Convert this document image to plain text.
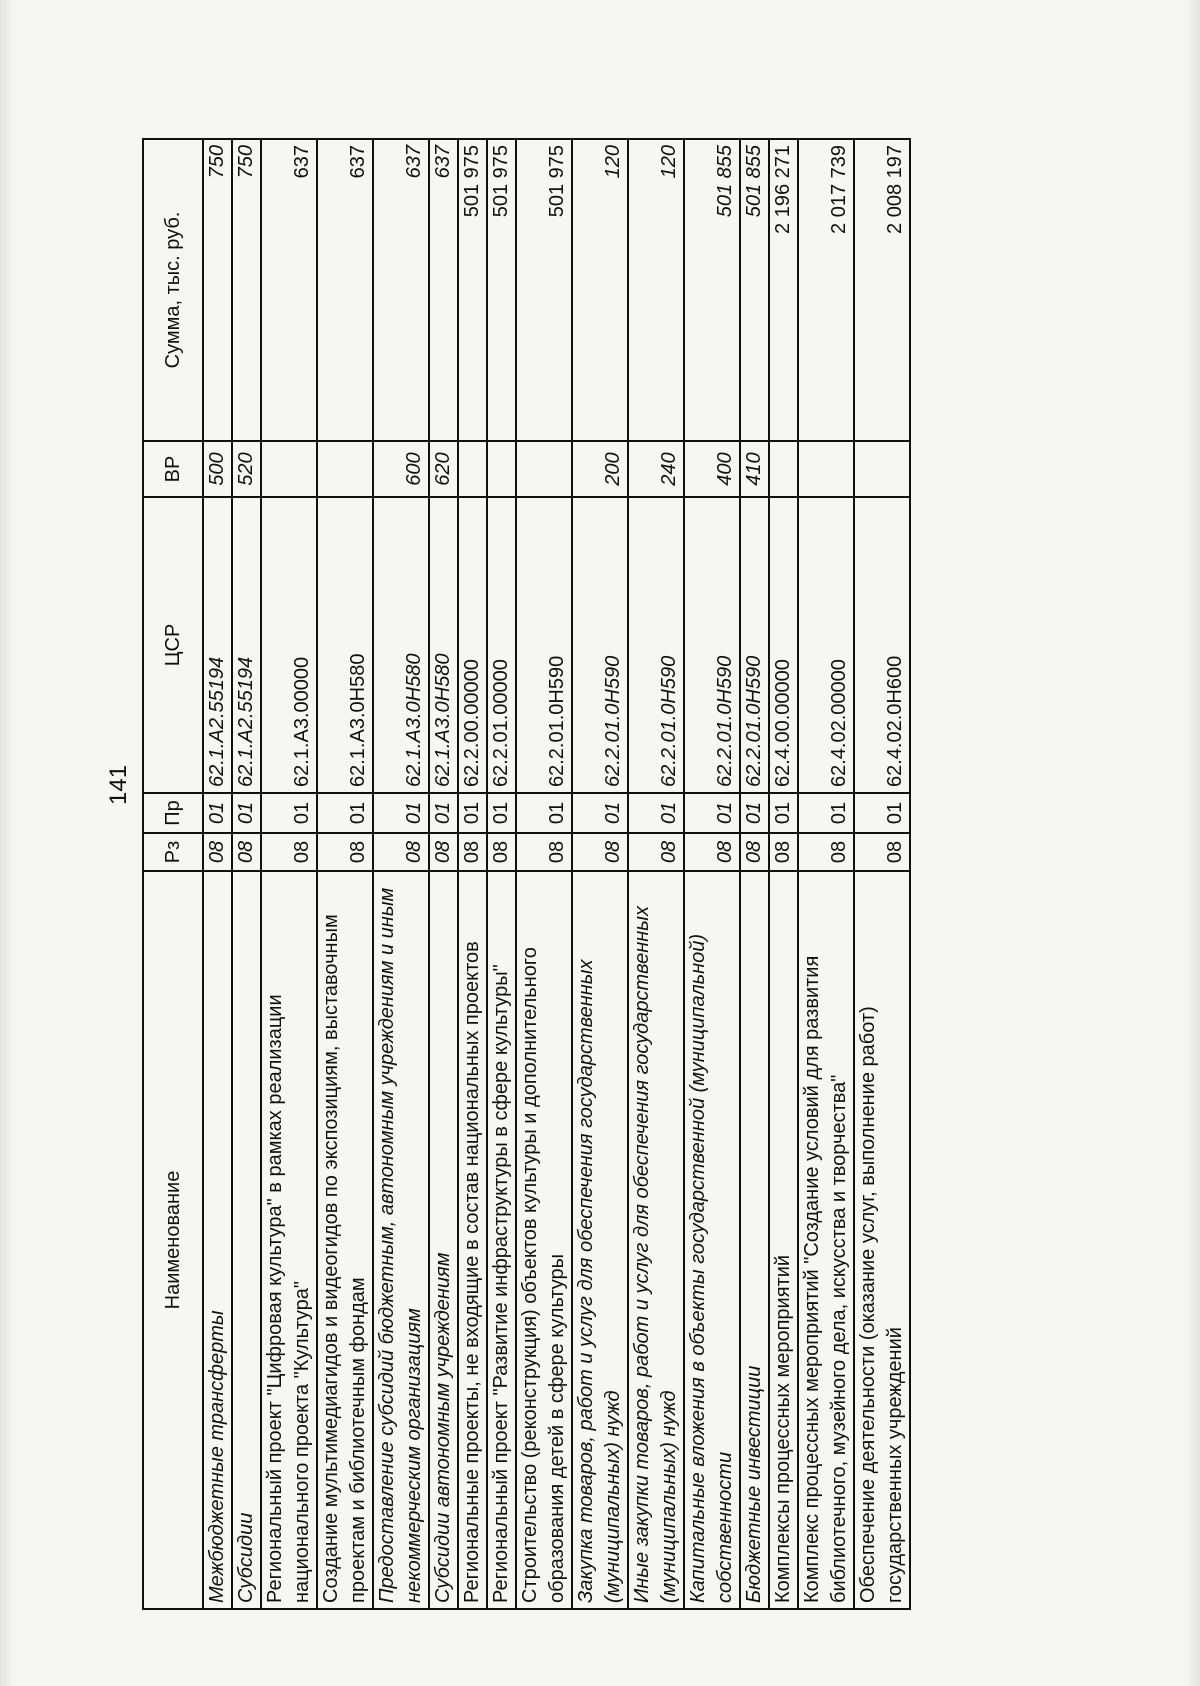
141
Наименование	Рз	Пр	ЦСР	ВР	Сумма, тыс. руб.
Межбюджетные трансферты	08	01	62.1.A2.55194	500	750
Субсидии	08	01	62.1.A2.55194	520	750
Региональный проект "Цифровая культура" в рамках реализации национального проекта "Культура"	08	01	62.1.A3.00000		637
Создание мультимедиагидов и видеогидов по экспозициям, выставочным проектам и библиотечным фондам	08	01	62.1.A3.0Н580		637
Предоставление субсидий бюджетным, автономным учреждениям и иным некоммерческим организациям	08	01	62.1.A3.0Н580	600	637
Субсидии автономным учреждениям	08	01	62.1.A3.0Н580	620	637
Региональные проекты, не входящие в состав национальных проектов	08	01	62.2.00.00000		501 975
Региональный проект "Развитие инфраструктуры в сфере культуры"	08	01	62.2.01.00000		501 975
Строительство (реконструкция) объектов культуры и дополнительного образования детей в сфере культуры	08	01	62.2.01.0Н590		501 975
Закупка товаров, работ и услуг для обеспечения государственных (муниципальных) нужд	08	01	62.2.01.0Н590	200	120
Иные закупки товаров, работ и услуг для обеспечения государственных (муниципальных) нужд	08	01	62.2.01.0Н590	240	120
Капитальные вложения в объекты государственной (муниципальной) собственности	08	01	62.2.01.0Н590	400	501 855
Бюджетные инвестиции	08	01	62.2.01.0Н590	410	501 855
Комплексы процессных мероприятий	08	01	62.4.00.00000		2 196 271
Комплекс процессных мероприятий "Создание условий для развития библиотечного, музейного дела, искусства и творчества"	08	01	62.4.02.00000		2 017 739
Обеспечение деятельности (оказание услуг, выполнение работ) государственных учреждений	08	01	62.4.02.0Н600		2 008 197
